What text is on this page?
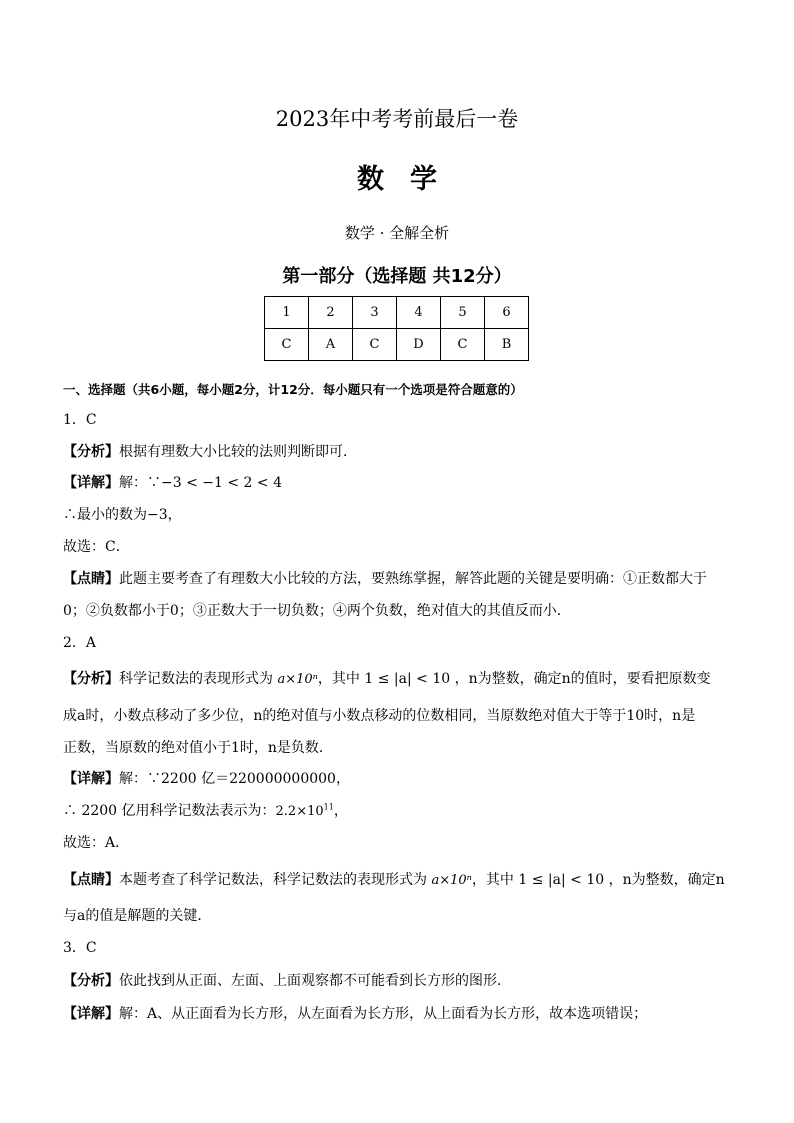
2023年中考考前最后一卷
数学
数学 · 全解全析
第一部分（选择题 共12分）
1	2	3	4	5	6
C	A	C	D	C	B
一、选择题（共6小题，每小题2分，计12分．每小题只有一个选项是符合题意的）
1．C
【分析】根据有理数大小比较的法则判断即可．
【详解】解：∵−3 < −1 < 2 < 4
∴最小的数为−3，
故选：C．
【点睛】此题主要考查了有理数大小比较的方法，要熟练掌握，解答此题的关键是要明确：①正数都大于
0；②负数都小于0；③正数大于一切负数；④两个负数，绝对值大的其值反而小．
2．A
【分析】科学记数法的表现形式为 a×10ⁿ，其中 1 ≤ |a| < 10 ，n为整数，确定n的值时，要看把原数变
成a时，小数点移动了多少位，n的绝对值与小数点移动的位数相同，当原数绝对值大于等于10时，n是
正数，当原数的绝对值小于1时，n是负数．
【详解】解：∵2200 亿＝220000000000，
∴ 2200 亿用科学记数法表示为：$2.2\times 10^{11}$，
故选：A．
【点睛】本题考查了科学记数法，科学记数法的表现形式为 a×10ⁿ，其中 1 ≤ |a| < 10 ，n为整数，确定n
与a的值是解题的关键．
3．C
【分析】依此找到从正面、左面、上面观察都不可能看到长方形的图形．
【详解】解：A、从正面看为长方形，从左面看为长方形，从上面看为长方形，故本选项错误；
